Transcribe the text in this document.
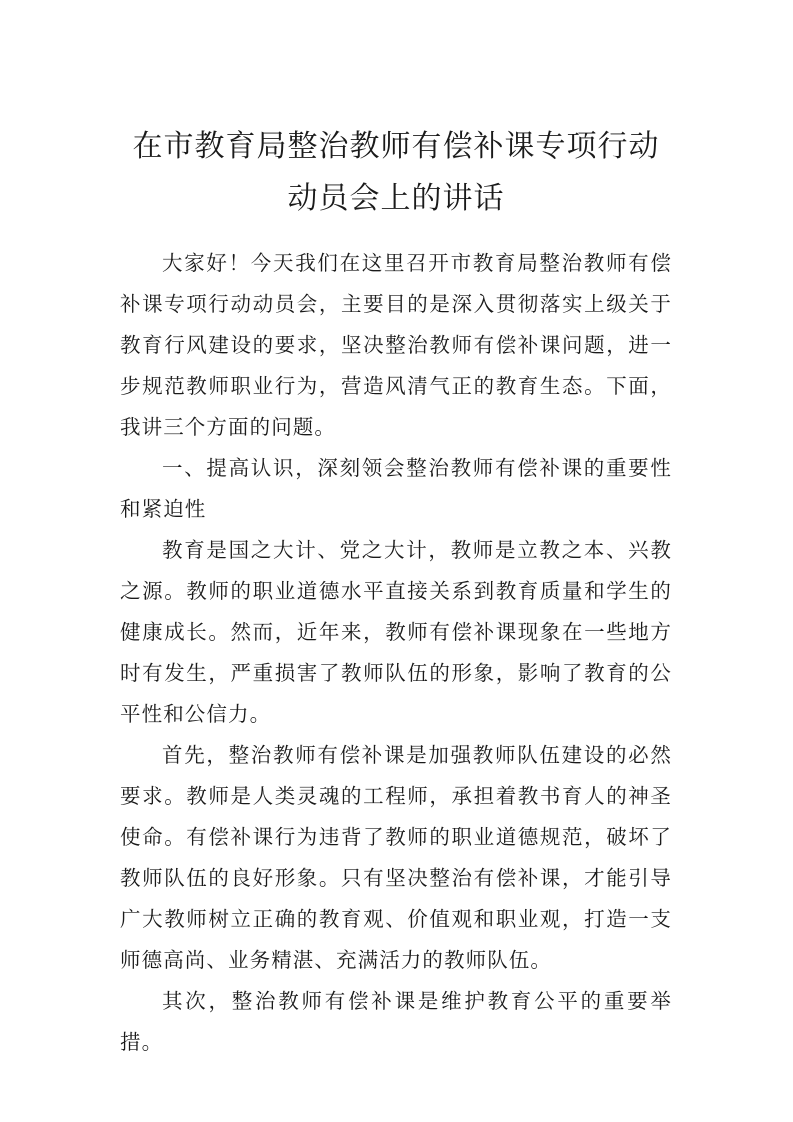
在市教育局整治教师有偿补课专项行动动员会上的讲话

大家好！今天我们在这里召开市教育局整治教师有偿补课专项行动动员会，主要目的是深入贯彻落实上级关于教育行风建设的要求，坚决整治教师有偿补课问题，进一步规范教师职业行为，营造风清气正的教育生态。下面，我讲三个方面的问题。

一、提高认识，深刻领会整治教师有偿补课的重要性和紧迫性

教育是国之大计、党之大计，教师是立教之本、兴教之源。教师的职业道德水平直接关系到教育质量和学生的健康成长。然而，近年来，教师有偿补课现象在一些地方时有发生，严重损害了教师队伍的形象，影响了教育的公平性和公信力。

首先，整治教师有偿补课是加强教师队伍建设的必然要求。教师是人类灵魂的工程师，承担着教书育人的神圣使命。有偿补课行为违背了教师的职业道德规范，破坏了教师队伍的良好形象。只有坚决整治有偿补课，才能引导广大教师树立正确的教育观、价值观和职业观，打造一支师德高尚、业务精湛、充满活力的教师队伍。

其次，整治教师有偿补课是维护教育公平的重要举措。
